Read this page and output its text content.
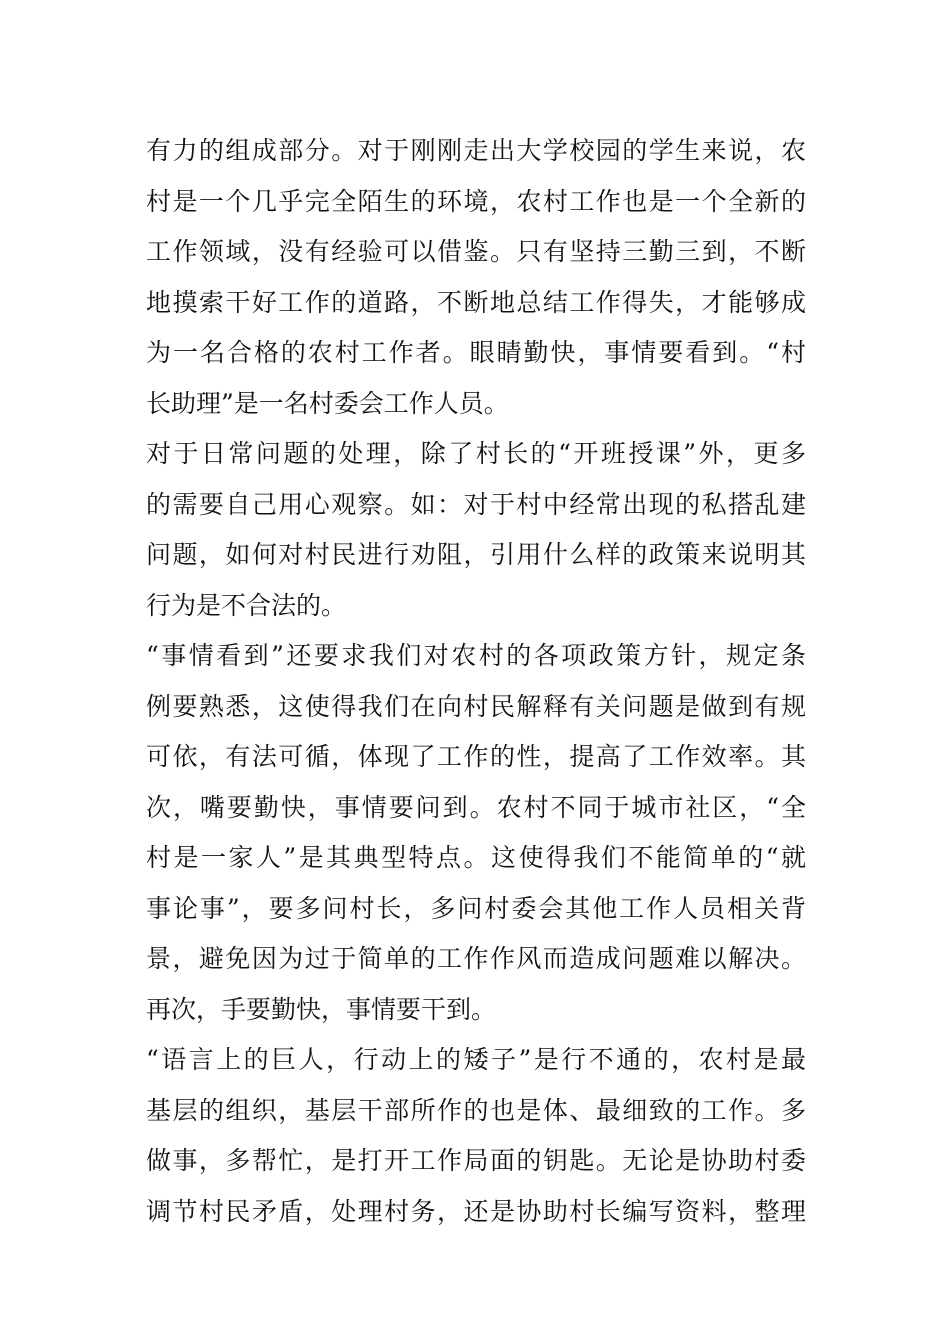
有力的组成部分。对于刚刚走出大学校园的学生来说，农
村是一个几乎完全陌生的环境，农村工作也是一个全新的
工作领域，没有经验可以借鉴。只有坚持三勤三到，不断
地摸索干好工作的道路，不断地总结工作得失，才能够成
为一名合格的农村工作者。眼睛勤快，事情要看到。“村
长助理”是一名村委会工作人员。
对于日常问题的处理，除了村长的“开班授课”外，更多
的需要自己用心观察。如：对于村中经常出现的私搭乱建
问题，如何对村民进行劝阻，引用什么样的政策来说明其
行为是不合法的。
“事情看到”还要求我们对农村的各项政策方针，规定条
例要熟悉，这使得我们在向村民解释有关问题是做到有规
可依，有法可循，体现了工作的性，提高了工作效率。其
次，嘴要勤快，事情要问到。农村不同于城市社区，“全
村是一家人”是其典型特点。这使得我们不能简单的“就
事论事”，要多问村长，多问村委会其他工作人员相关背
景，避免因为过于简单的工作作风而造成问题难以解决。
再次，手要勤快，事情要干到。
“语言上的巨人，行动上的矮子”是行不通的，农村是最
基层的组织，基层干部所作的也是体、最细致的工作。多
做事，多帮忙，是打开工作局面的钥匙。无论是协助村委
调节村民矛盾，处理村务，还是协助村长编写资料，整理
